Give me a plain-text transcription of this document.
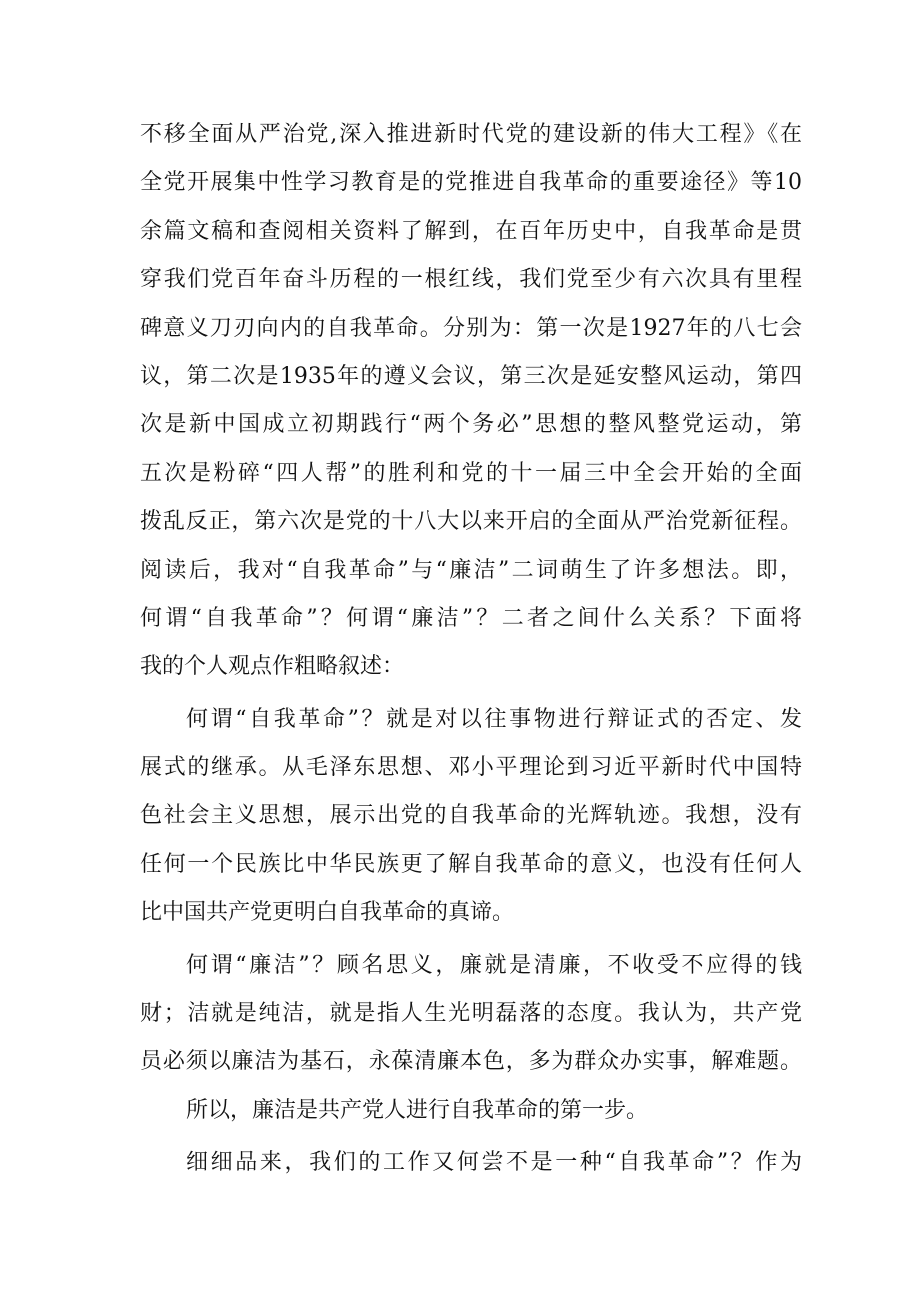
不移全面从严治党,深入推进新时代党的建设新的伟大工程》《在
全党开展集中性学习教育是的党推进自我革命的重要途径》等10
余篇文稿和查阅相关资料了解到，在百年历史中，自我革命是贯
穿我们党百年奋斗历程的一根红线，我们党至少有六次具有里程
碑意义刀刃向内的自我革命。分别为：第一次是1927年的八七会
议，第二次是1935年的遵义会议，第三次是延安整风运动，第四
次是新中国成立初期践行“两个务必”思想的整风整党运动，第
五次是粉碎“四人帮”的胜利和党的十一届三中全会开始的全面
拨乱反正，第六次是党的十八大以来开启的全面从严治党新征程。
阅读后，我对“自我革命”与“廉洁”二词萌生了许多想法。即，
何谓“自我革命”？何谓“廉洁”？二者之间什么关系？下面将
我的个人观点作粗略叙述：
何谓“自我革命”？就是对以往事物进行辩证式的否定、发
展式的继承。从毛泽东思想、邓小平理论到习近平新时代中国特
色社会主义思想，展示出党的自我革命的光辉轨迹。我想，没有
任何一个民族比中华民族更了解自我革命的意义，也没有任何人
比中国共产党更明白自我革命的真谛。
何谓“廉洁”？顾名思义，廉就是清廉，不收受不应得的钱
财；洁就是纯洁，就是指人生光明磊落的态度。我认为，共产党
员必须以廉洁为基石，永葆清廉本色，多为群众办实事，解难题。
所以，廉洁是共产党人进行自我革命的第一步。
细细品来，我们的工作又何尝不是一种“自我革命”？作为
